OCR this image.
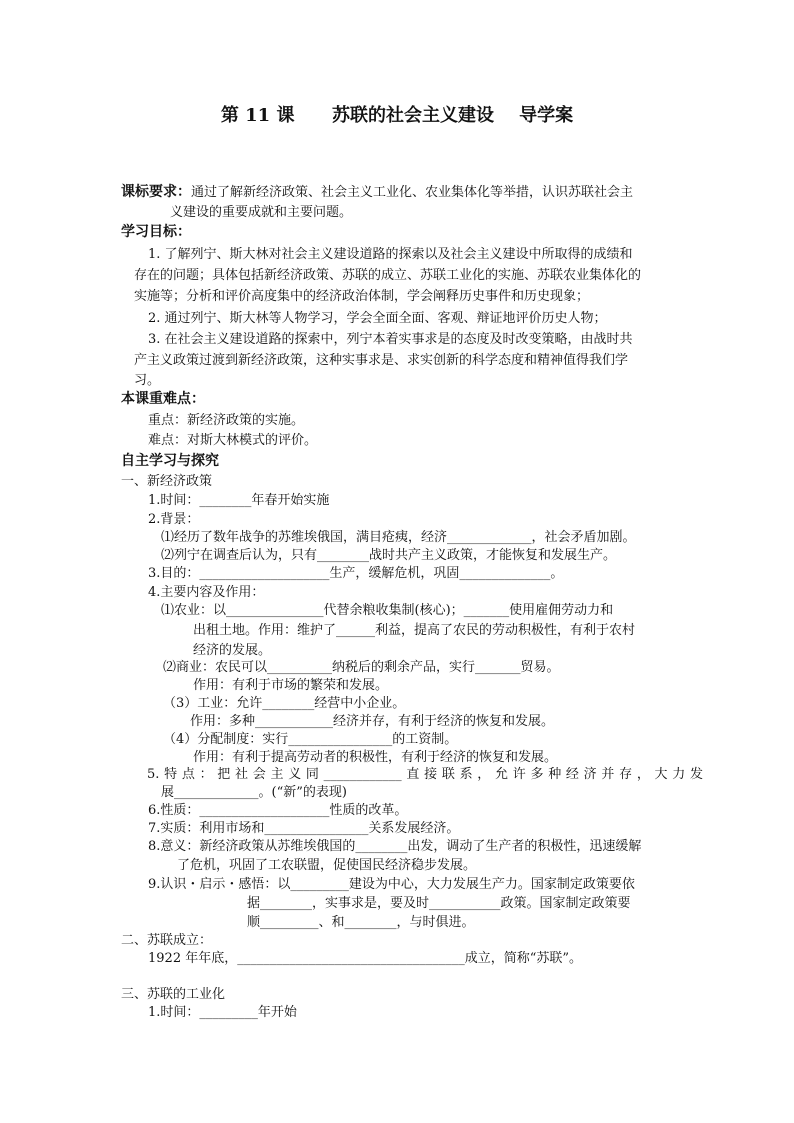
第 11 课      苏联的社会主义建设    导学案
课标要求：通过了解新经济政策、社会主义工业化、农业集体化等举措，认识苏联社会主
义建设的重要成就和主要问题。
学习目标：
1. 了解列宁、斯大林对社会主义建设道路的探索以及社会主义建设中所取得的成绩和
存在的问题；具体包括新经济政策、苏联的成立、苏联工业化的实施、苏联农业集体化的
实施等；分析和评价高度集中的经济政治体制，学会阐释历史事件和历史现象；
2. 通过列宁、斯大林等人物学习，学会全面全面、客观、辩证地评价历史人物；
3. 在社会主义建设道路的探索中，列宁本着实事求是的态度及时改变策略，由战时共
产主义政策过渡到新经济政策，这种实事求是、求实创新的科学态度和精神值得我们学
习。
本课重难点：
重点：新经济政策的实施。
难点：对斯大林模式的评价。
自主学习与探究
一、新经济政策
1.时间：________年春开始实施
2.背景：
⑴经历了数年战争的苏维埃俄国，满目疮痍，经济_____________，社会矛盾加剧。
⑵列宁在调查后认为，只有________战时共产主义政策，才能恢复和发展生产。
3.目的：____________________生产，缓解危机，巩固______________。
4.主要内容及作用：
⑴农业：以_______________代替余粮收集制(核心)；_______使用雇佣劳动力和
出租土地。作用：维护了______利益，提高了农民的劳动积极性，有利于农村
经济的发展。
⑵商业：农民可以__________纳税后的剩余产品，实行_______贸易。
作用：有利于市场的繁荣和发展。
（3）工业：允许________经营中小企业。
作用：多种____________经济并存，有利于经济的恢复和发展。
（4）分配制度：实行________________的工资制。
作用：有利于提高劳动者的积极性，有利于经济的恢复和发展。
5.特点：把社会主义同____________直接联系，允许多种经济并存，大力发
展_____________。(“新”的表现)
6.性质：____________________性质的改革。
7.实质：利用市场和________________关系发展经济。
8.意义：新经济政策从苏维埃俄国的________出发，调动了生产者的积极性，迅速缓解
了危机，巩固了工农联盟，促使国民经济稳步发展。
9.认识・启示・感悟：以_________建设为中心，大力发展生产力。国家制定政策要依
据________，实事求是，要及时___________政策。国家制定政策要
顺_________、和________，与时俱进。
二、苏联成立：
1922 年年底，___________________________________成立，简称“苏联”。
三、苏联的工业化
1.时间：_________年开始
